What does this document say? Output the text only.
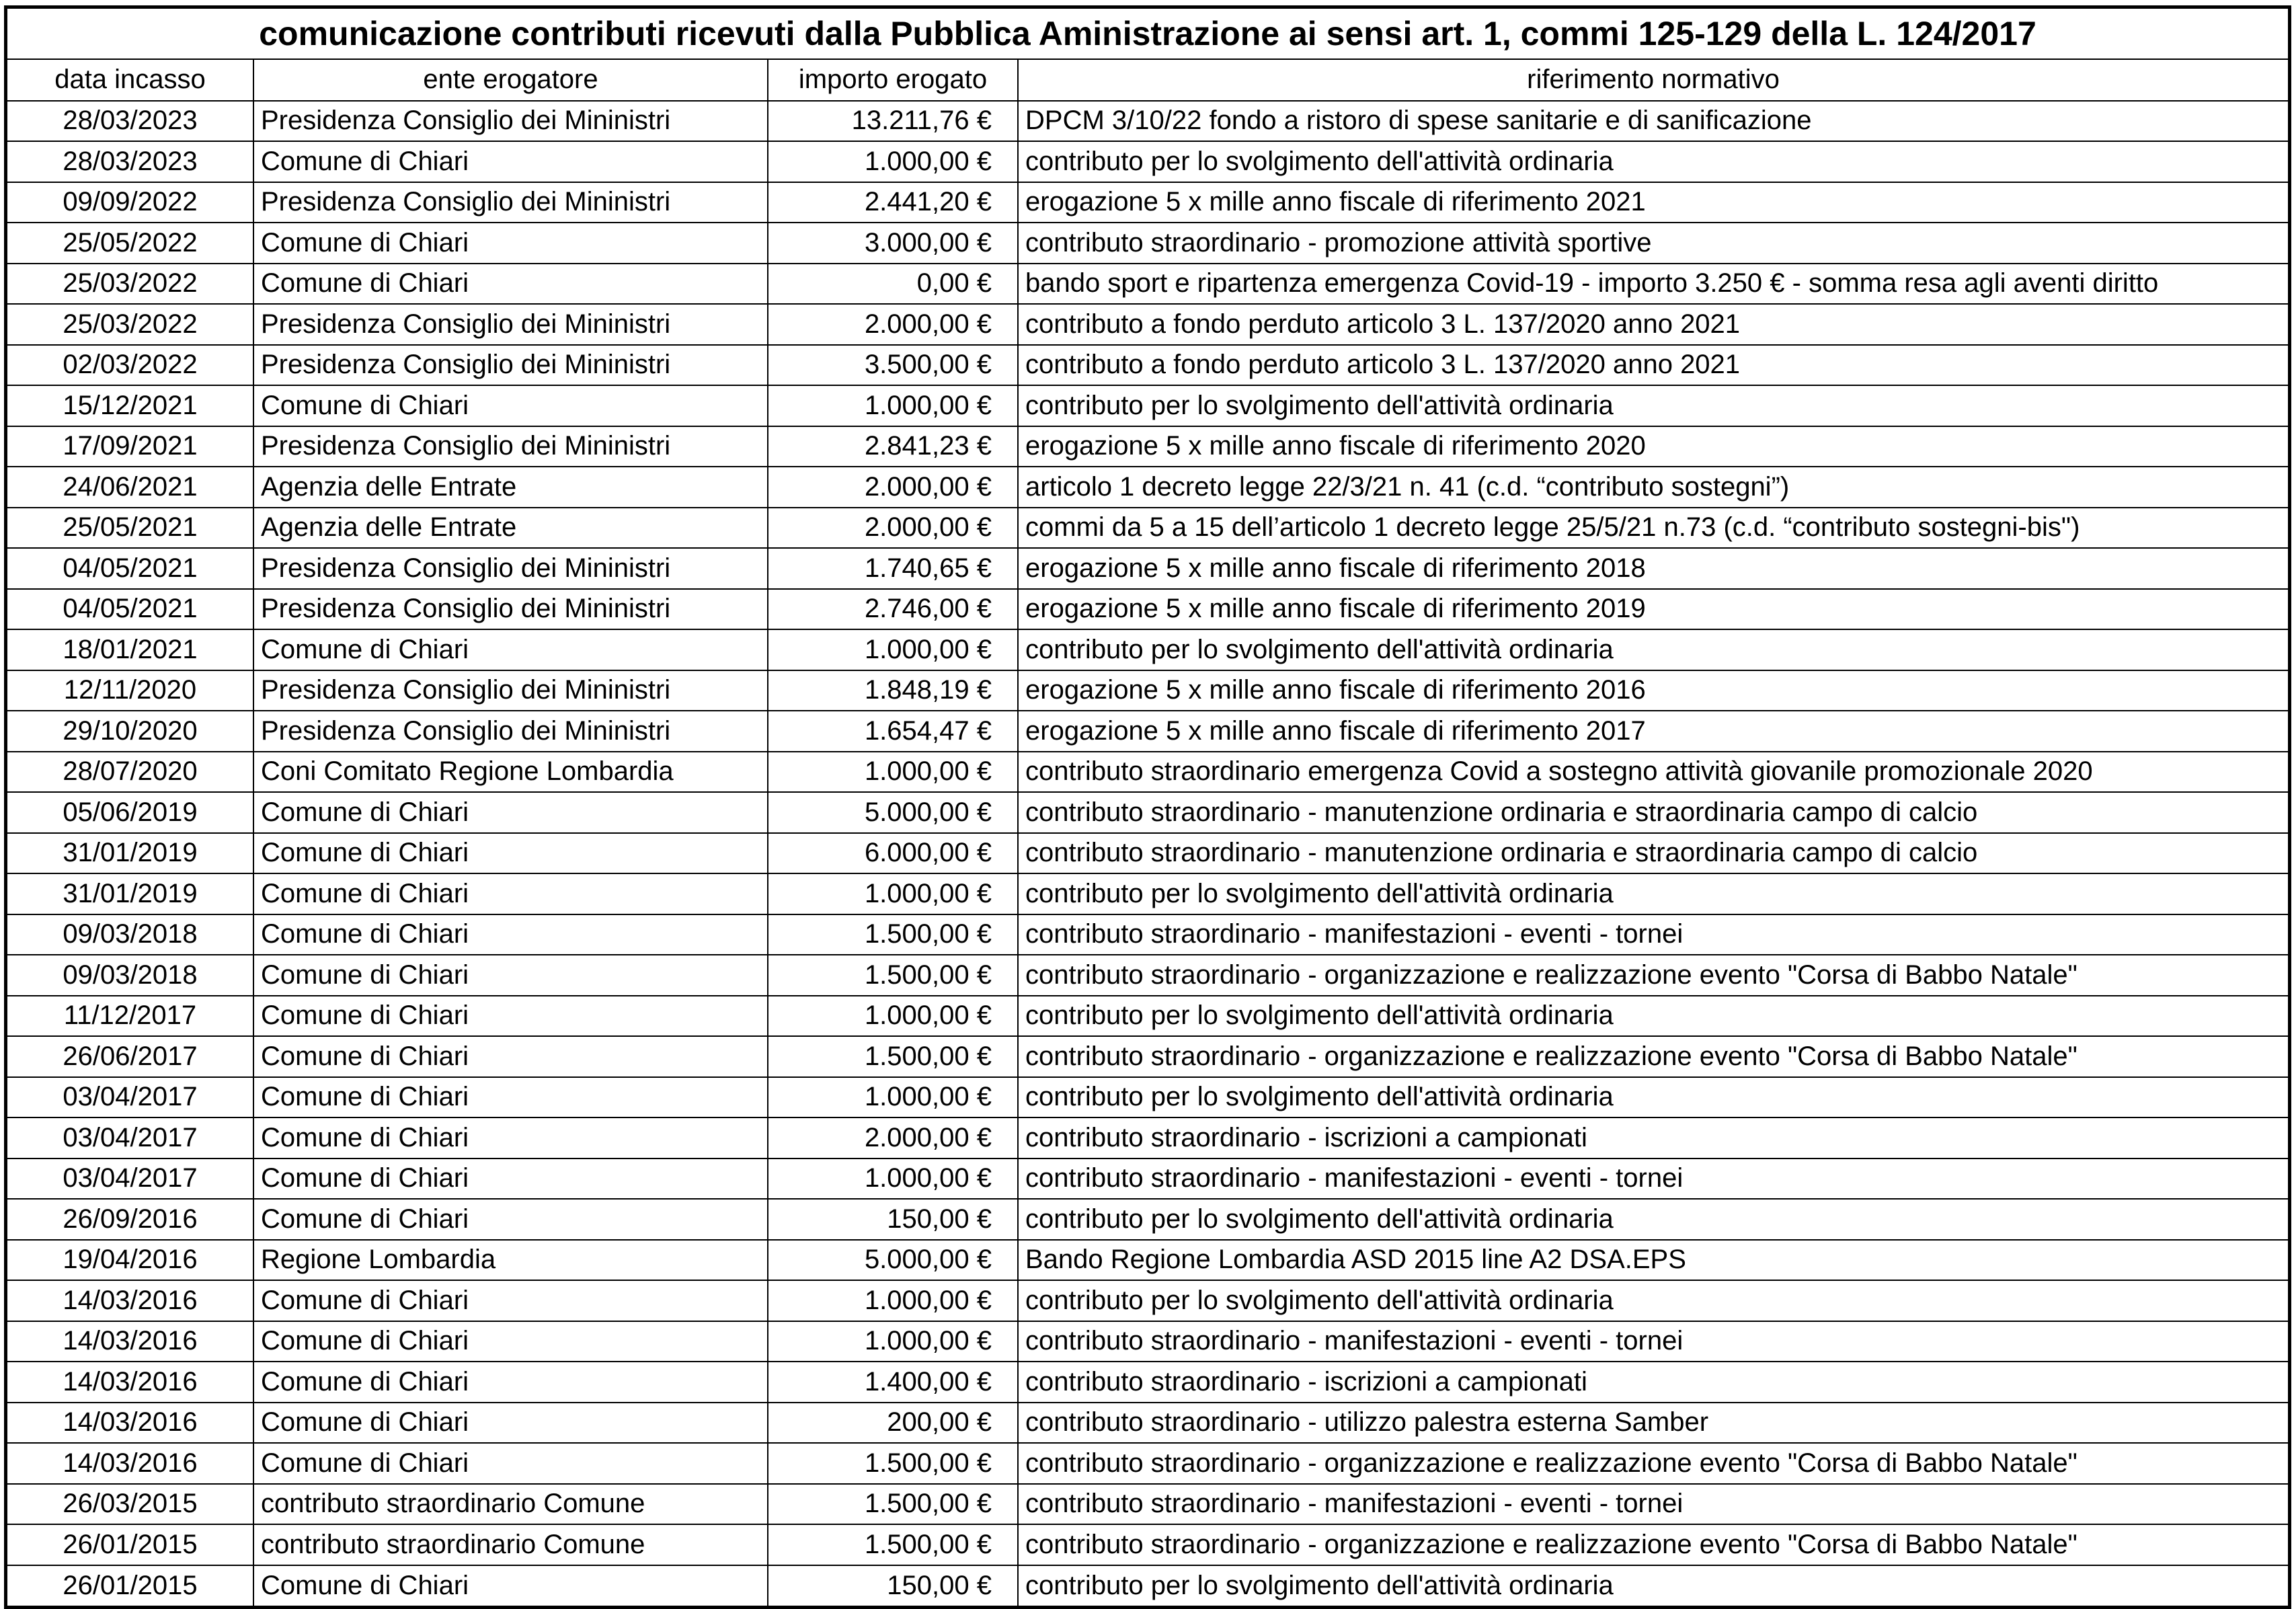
comunicazione contributi ricevuti dalla Pubblica Aministrazione ai sensi art. 1, commi 125-129 della L. 124/2017
data incasso	ente erogatore	importo erogato	riferimento normativo
28/03/2023	Presidenza Consiglio dei Mininistri	13.211,76 €	DPCM 3/10/22 fondo a ristoro di spese sanitarie e di sanificazione
28/03/2023	Comune di Chiari	1.000,00 €	contributo per lo svolgimento dell'attività ordinaria
09/09/2022	Presidenza Consiglio dei Mininistri	2.441,20 €	erogazione 5 x mille anno fiscale di riferimento 2021
25/05/2022	Comune di Chiari	3.000,00 €	contributo straordinario - promozione attività sportive
25/03/2022	Comune di Chiari	0,00 €	bando sport e ripartenza emergenza Covid-19 - importo 3.250 € - somma resa agli aventi diritto
25/03/2022	Presidenza Consiglio dei Mininistri	2.000,00 €	contributo a fondo perduto articolo 3 L. 137/2020 anno 2021
02/03/2022	Presidenza Consiglio dei Mininistri	3.500,00 €	contributo a fondo perduto articolo 3 L. 137/2020 anno 2021
15/12/2021	Comune di Chiari	1.000,00 €	contributo per lo svolgimento dell'attività ordinaria
17/09/2021	Presidenza Consiglio dei Mininistri	2.841,23 €	erogazione 5 x mille anno fiscale di riferimento 2020
24/06/2021	Agenzia delle Entrate	2.000,00 €	articolo 1 decreto legge 22/3/21 n. 41 (c.d. “contributo sostegni”)
25/05/2021	Agenzia delle Entrate	2.000,00 €	commi da 5 a 15 dell’articolo 1 decreto legge 25/5/21 n.73 (c.d. “contributo sostegni-bis")
04/05/2021	Presidenza Consiglio dei Mininistri	1.740,65 €	erogazione 5 x mille anno fiscale di riferimento 2018
04/05/2021	Presidenza Consiglio dei Mininistri	2.746,00 €	erogazione 5 x mille anno fiscale di riferimento 2019
18/01/2021	Comune di Chiari	1.000,00 €	contributo per lo svolgimento dell'attività ordinaria
12/11/2020	Presidenza Consiglio dei Mininistri	1.848,19 €	erogazione 5 x mille anno fiscale di riferimento 2016
29/10/2020	Presidenza Consiglio dei Mininistri	1.654,47 €	erogazione 5 x mille anno fiscale di riferimento 2017
28/07/2020	Coni Comitato Regione Lombardia	1.000,00 €	contributo straordinario emergenza Covid a sostegno attività giovanile promozionale 2020
05/06/2019	Comune di Chiari	5.000,00 €	contributo straordinario - manutenzione ordinaria e straordinaria campo di calcio
31/01/2019	Comune di Chiari	6.000,00 €	contributo straordinario - manutenzione ordinaria e straordinaria campo di calcio
31/01/2019	Comune di Chiari	1.000,00 €	contributo per lo svolgimento dell'attività ordinaria
09/03/2018	Comune di Chiari	1.500,00 €	contributo straordinario - manifestazioni - eventi - tornei
09/03/2018	Comune di Chiari	1.500,00 €	contributo straordinario - organizzazione e realizzazione evento "Corsa di Babbo Natale"
11/12/2017	Comune di Chiari	1.000,00 €	contributo per lo svolgimento dell'attività ordinaria
26/06/2017	Comune di Chiari	1.500,00 €	contributo straordinario - organizzazione e realizzazione evento "Corsa di Babbo Natale"
03/04/2017	Comune di Chiari	1.000,00 €	contributo per lo svolgimento dell'attività ordinaria
03/04/2017	Comune di Chiari	2.000,00 €	contributo straordinario - iscrizioni a campionati
03/04/2017	Comune di Chiari	1.000,00 €	contributo straordinario - manifestazioni - eventi - tornei
26/09/2016	Comune di Chiari	150,00 €	contributo per lo svolgimento dell'attività ordinaria
19/04/2016	Regione Lombardia	5.000,00 €	Bando Regione Lombardia ASD 2015 line A2 DSA.EPS
14/03/2016	Comune di Chiari	1.000,00 €	contributo per lo svolgimento dell'attività ordinaria
14/03/2016	Comune di Chiari	1.000,00 €	contributo straordinario - manifestazioni - eventi - tornei
14/03/2016	Comune di Chiari	1.400,00 €	contributo straordinario - iscrizioni a campionati
14/03/2016	Comune di Chiari	200,00 €	contributo straordinario - utilizzo palestra esterna Samber
14/03/2016	Comune di Chiari	1.500,00 €	contributo straordinario - organizzazione e realizzazione evento "Corsa di Babbo Natale"
26/03/2015	contributo straordinario Comune	1.500,00 €	contributo straordinario - manifestazioni - eventi - tornei
26/01/2015	contributo straordinario Comune	1.500,00 €	contributo straordinario - organizzazione e realizzazione evento "Corsa di Babbo Natale"
26/01/2015	Comune di Chiari	150,00 €	contributo per lo svolgimento dell'attività ordinaria
